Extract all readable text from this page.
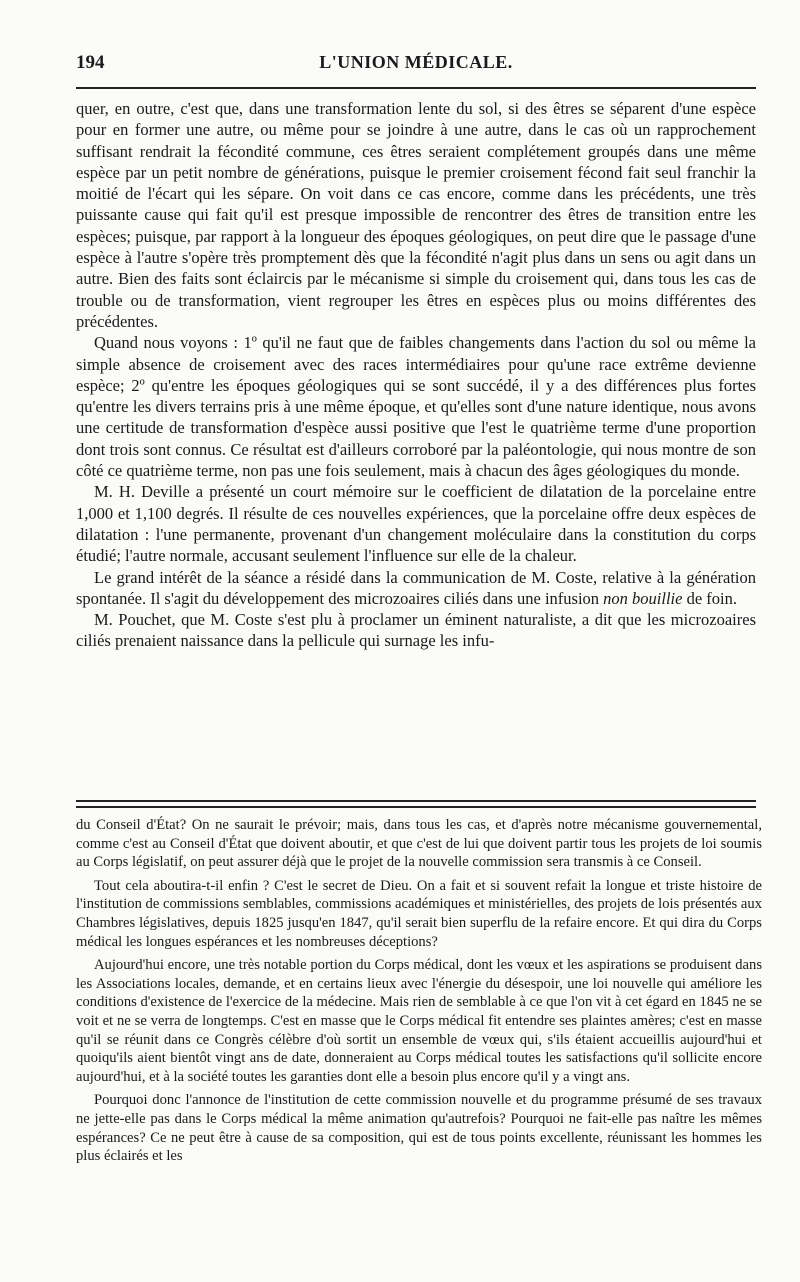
194	L'UNION MÉDICALE.

quer, en outre, c'est que, dans une transformation lente du sol, si des êtres se séparent d'une espèce pour en former une autre, ou même pour se joindre à une autre, dans le cas où un rapprochement suffisant rendrait la fécondité commune, ces êtres seraient complétement groupés dans une même espèce par un petit nombre de générations, puisque le premier croisement fécond fait seul franchir la moitié de l'écart qui les sépare. On voit dans ce cas encore, comme dans les précédents, une très puissante cause qui fait qu'il est presque impossible de rencontrer des êtres de transition entre les espèces; puisque, par rapport à la longueur des époques géologiques, on peut dire que le passage d'une espèce à l'autre s'opère très promptement dès que la fécondité n'agit plus dans un sens ou agit dans un autre. Bien des faits sont éclaircis par le mécanisme si simple du croisement qui, dans tous les cas de trouble ou de transformation, vient regrouper les êtres en espèces plus ou moins différentes des précédentes.

Quand nous voyons : 1º qu'il ne faut que de faibles changements dans l'action du sol ou même la simple absence de croisement avec des races intermédiaires pour qu'une race extrême devienne espèce; 2º qu'entre les époques géologiques qui se sont succédé, il y a des différences plus fortes qu'entre les divers terrains pris à une même époque, et qu'elles sont d'une nature identique, nous avons une certitude de transformation d'espèce aussi positive que l'est le quatrième terme d'une proportion dont trois sont connus. Ce résultat est d'ailleurs corroboré par la paléontologie, qui nous montre de son côté ce quatrième terme, non pas une fois seulement, mais à chacun des âges géologiques du monde.

M. H. Deville a présenté un court mémoire sur le coefficient de dilatation de la porcelaine entre 1,000 et 1,100 degrés. Il résulte de ces nouvelles expériences, que la porcelaine offre deux espèces de dilatation : l'une permanente, provenant d'un changement moléculaire dans la constitution du corps étudié; l'autre normale, accusant seulement l'influence sur elle de la chaleur.

Le grand intérêt de la séance a résidé dans la communication de M. Coste, relative à la génération spontanée. Il s'agit du développement des microzoaires ciliés dans une infusion non bouillie de foin.

M. Pouchet, que M. Coste s'est plu à proclamer un éminent naturaliste, a dit que les microzoaires ciliés prenaient naissance dans la pellicule qui surnage les infu-

du Conseil d'État? On ne saurait le prévoir; mais, dans tous les cas, et d'après notre mécanisme gouvernemental, comme c'est au Conseil d'État que doivent aboutir, et que c'est de lui que doivent partir tous les projets de loi soumis au Corps législatif, on peut assurer déjà que le projet de la nouvelle commission sera transmis à ce Conseil.

Tout cela aboutira-t-il enfin ? C'est le secret de Dieu. On a fait et si souvent refait la longue et triste histoire de l'institution de commissions semblables, commissions académiques et ministérielles, des projets de lois présentés aux Chambres législatives, depuis 1825 jusqu'en 1847, qu'il serait bien superflu de la refaire encore. Et qui dira du Corps médical les longues espérances et les nombreuses déceptions?

Aujourd'hui encore, une très notable portion du Corps médical, dont les vœux et les aspirations se produisent dans les Associations locales, demande, et en certains lieux avec l'énergie du désespoir, une loi nouvelle qui améliore les conditions d'existence de l'exercice de la médecine. Mais rien de semblable à ce que l'on vit à cet égard en 1845 ne se voit et ne se verra de longtemps. C'est en masse que le Corps médical fit entendre ses plaintes amères; c'est en masse qu'il se réunit dans ce Congrès célèbre d'où sortit un ensemble de vœux qui, s'ils étaient accueillis aujourd'hui et quoiqu'ils aient bientôt vingt ans de date, donneraient au Corps médical toutes les satisfactions qu'il sollicite encore aujourd'hui, et à la société toutes les garanties dont elle a besoin plus encore qu'il y a vingt ans.

Pourquoi donc l'annonce de l'institution de cette commission nouvelle et du programme présumé de ses travaux ne jette-elle pas dans le Corps médical la même animation qu'autrefois? Pourquoi ne fait-elle pas naître les mêmes espérances? Ce ne peut être à cause de sa composition, qui est de tous points excellente, réunissant les hommes les plus éclairés et les
